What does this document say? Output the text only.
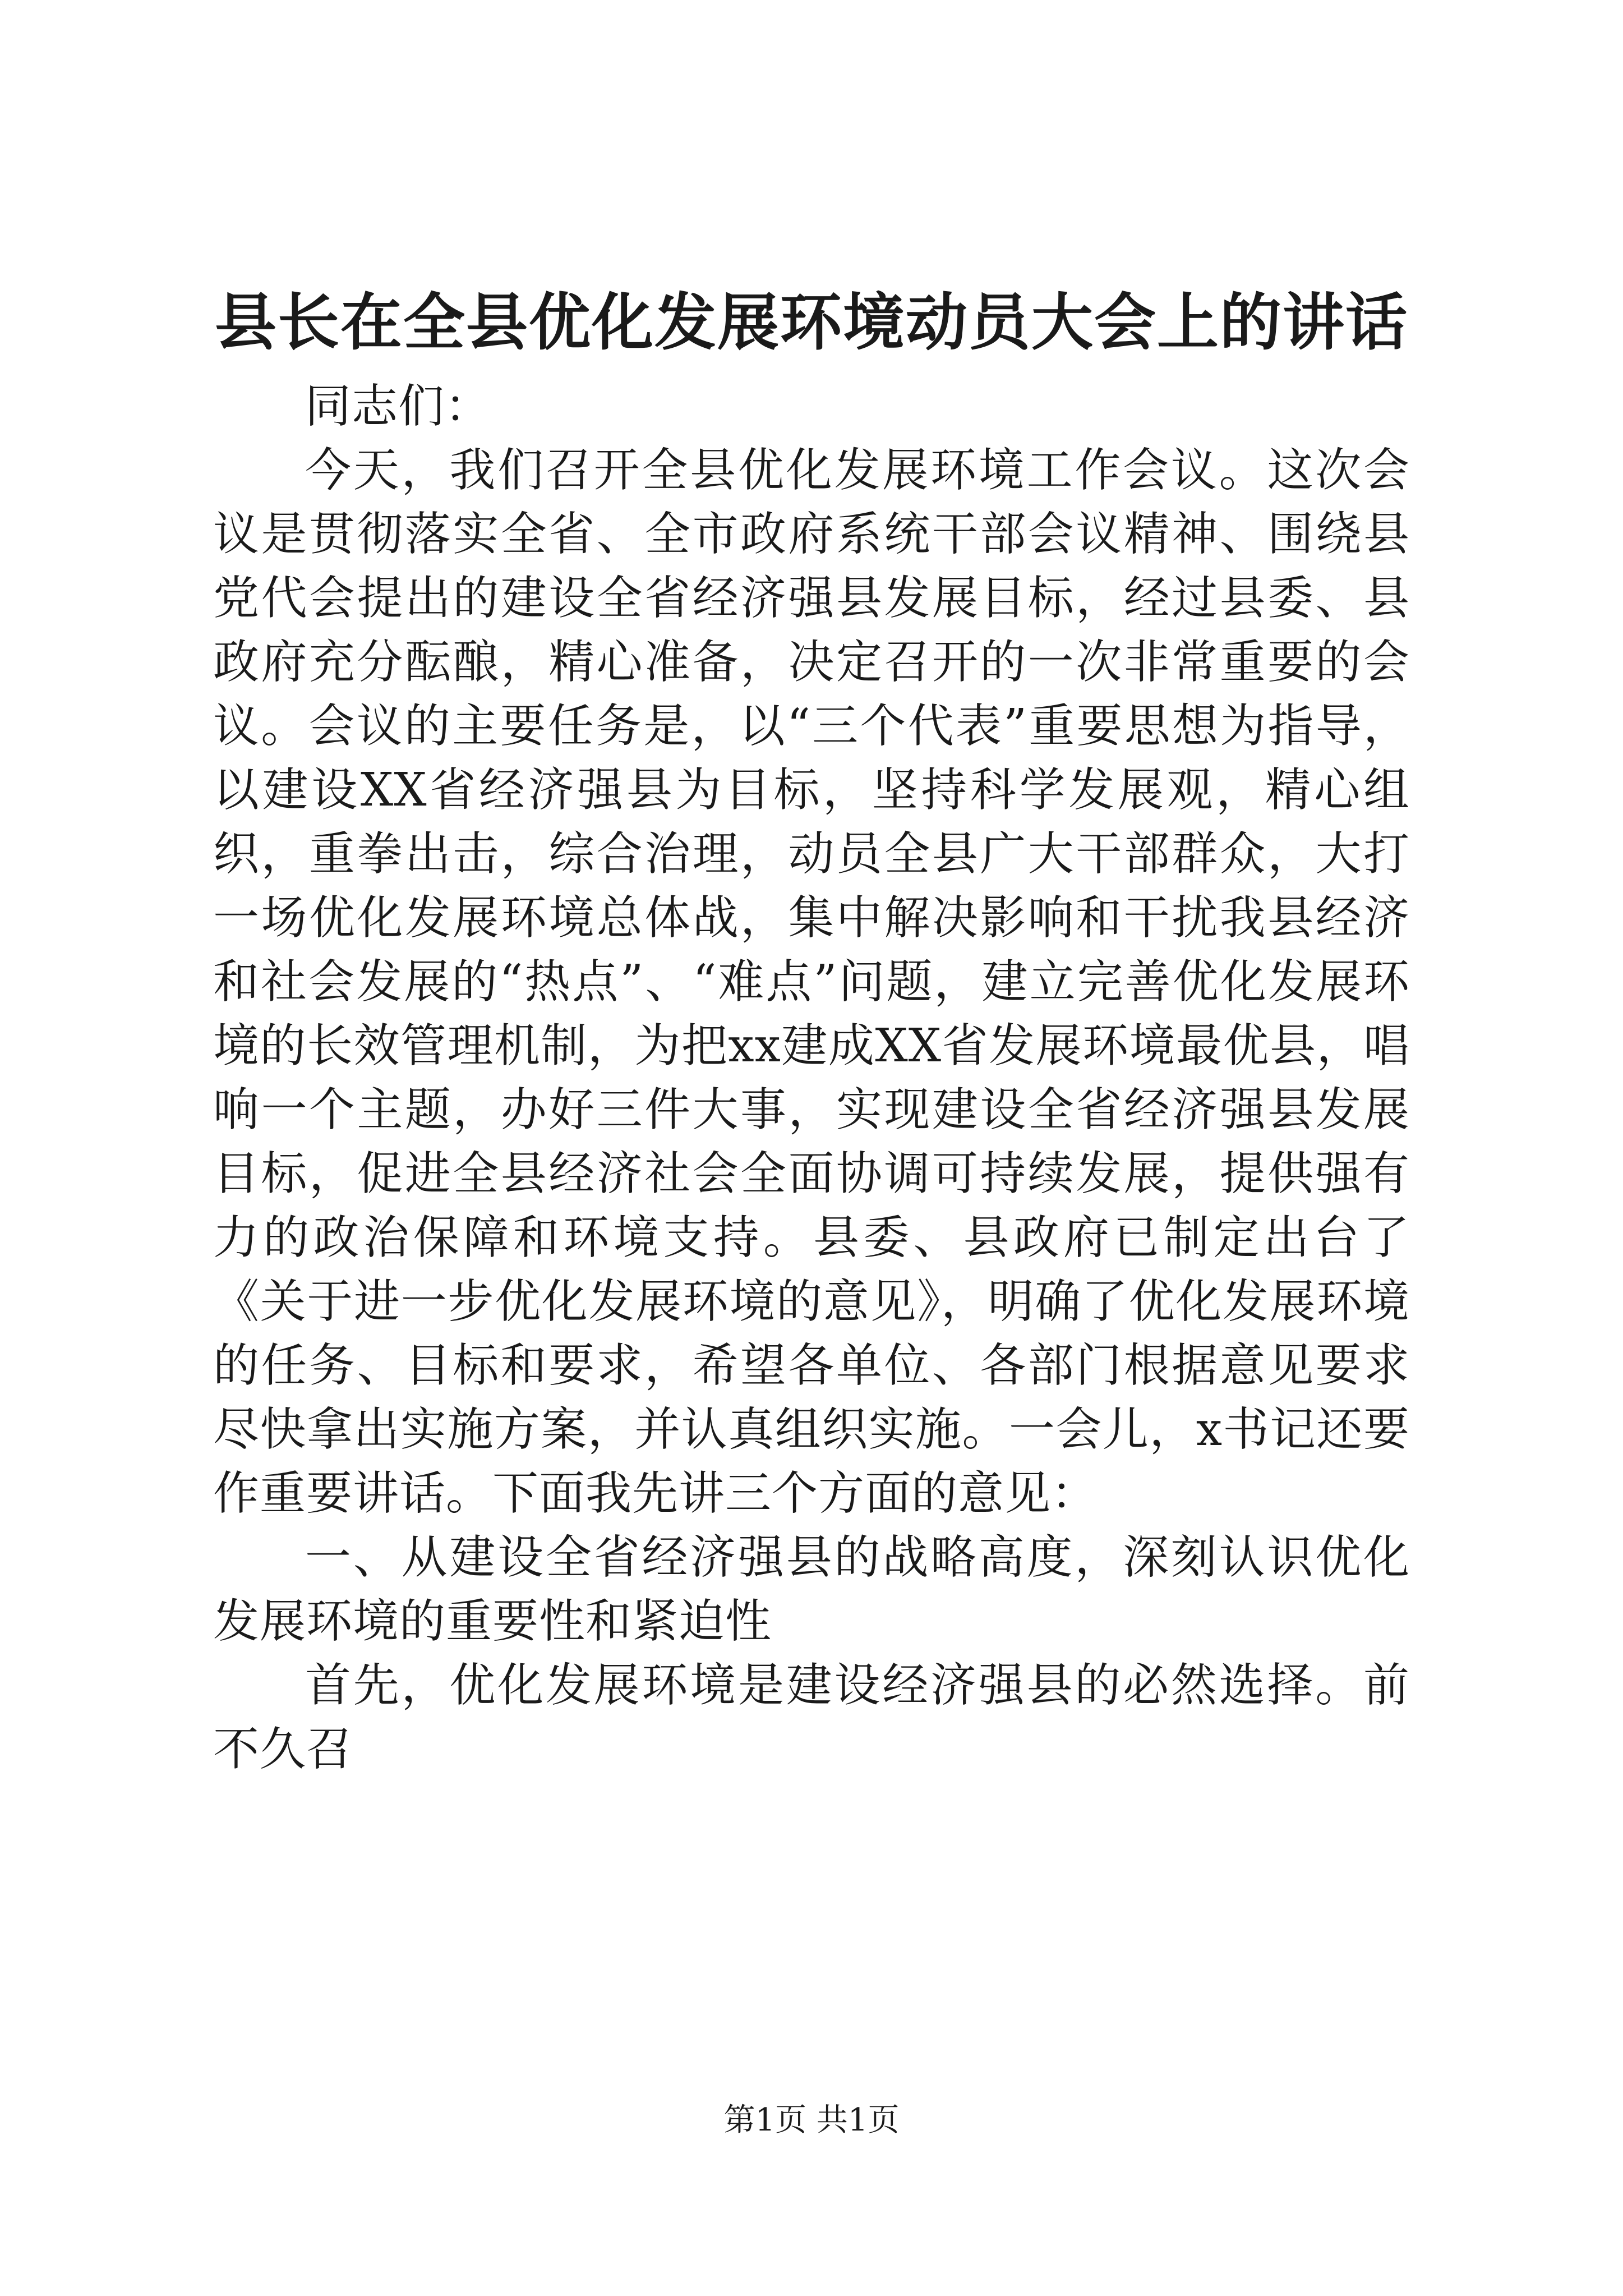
县长在全县优化发展环境动员大会上的讲话

同志们：

今天，我们召开全县优化发展环境工作会议。这次会议是贯彻落实全省、全市政府系统干部会议精神、围绕县党代会提出的建设全省经济强县发展目标，经过县委、县政府充分酝酿，精心准备，决定召开的一次非常重要的会议。会议的主要任务是，以“三个代表”重要思想为指导，以建设XX省经济强县为目标，坚持科学发展观，精心组织，重拳出击，综合治理，动员全县广大干部群众，大打一场优化发展环境总体战，集中解决影响和干扰我县经济和社会发展的“热点”、“难点”问题，建立完善优化发展环境的长效管理机制，为把xx建成XX省发展环境最优县，唱响一个主题，办好三件大事，实现建设全省经济强县发展目标，促进全县经济社会全面协调可持续发展，提供强有力的政治保障和环境支持。县委、县政府已制定出台了《关于进一步优化发展环境的意见》，明确了优化发展环境的任务、目标和要求，希望各单位、各部门根据意见要求尽快拿出实施方案，并认真组织实施。一会儿，x书记还要作重要讲话。下面我先讲三个方面的意见：

一、从建设全省经济强县的战略高度，深刻认识优化发展环境的重要性和紧迫性

首先，优化发展环境是建设经济强县的必然选择。前不久召

第1页 共1页
